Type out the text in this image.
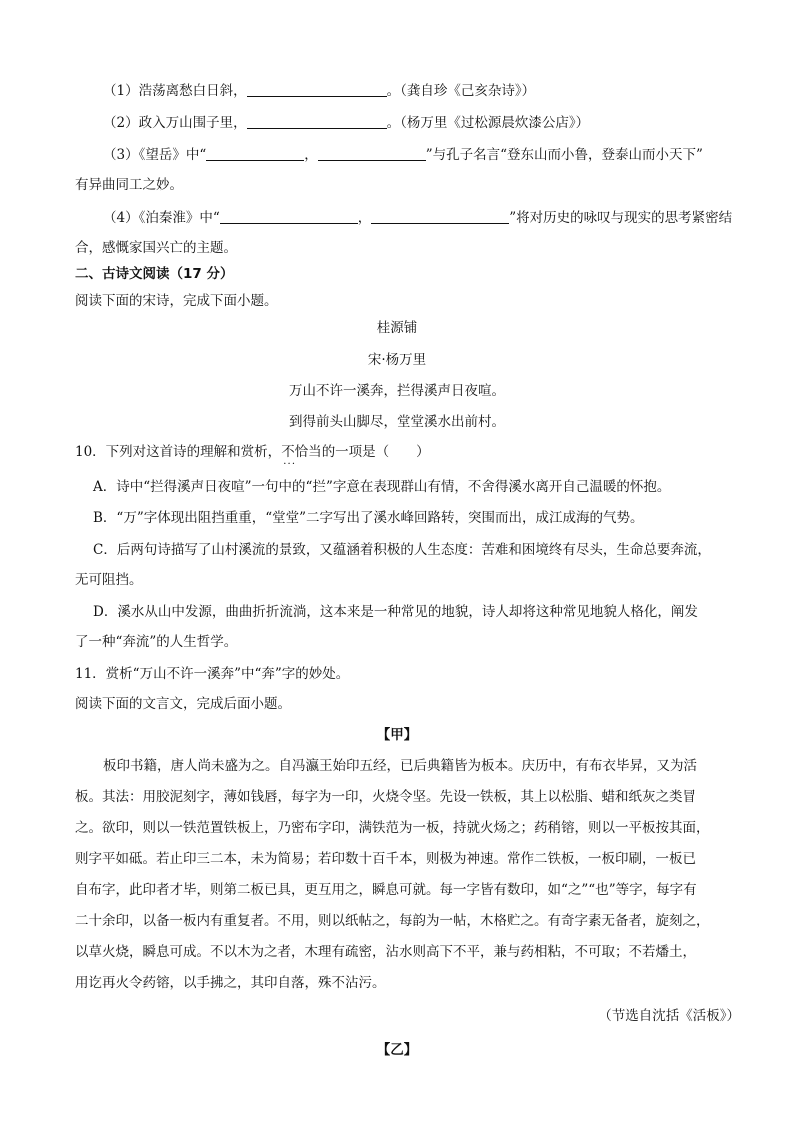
（1）浩荡离愁白日斜，	。（龚自珍《己亥杂诗》）
（2）政入万山围子里，	。（杨万里《过松源晨炊漆公店》）
（3）《望岳》中“	，	”与孔子名言“登东山而小鲁，登泰山而小天下”
有异曲同工之妙。
（4）《泊秦淮》中“	，	”将对历史的咏叹与现实的思考紧密结
合，感慨家国兴亡的主题。
二、古诗文阅读（17 分）
阅读下面的宋诗，完成下面小题。
桂源铺
宋·杨万里
万山不许一溪奔，拦得溪声日夜喧。
到得前头山脚尽，堂堂溪水出前村。
10．下列对这首诗的理解和赏析，不恰当 · · ·的一项是（　　）
A．诗中“拦得溪声日夜喧”一句中的“拦”字意在表现群山有情，不舍得溪水离开自己温暖的怀抱。
B．“万”字体现出阻挡重重，“堂堂”二字写出了溪水峰回路转，突围而出，成江成海的气势。
C．后两句诗描写了山村溪流的景致，又蕴涵着积极的人生态度：苦难和困境终有尽头，生命总要奔流，
无可阻挡。
D．溪水从山中发源，曲曲折折流淌，这本来是一种常见的地貌，诗人却将这种常见地貌人格化，阐发
了一种“奔流”的人生哲学。
11．赏析“万山不许一溪奔”中“奔”字的妙处。
阅读下面的文言文，完成后面小题。
【甲】
板印书籍，唐人尚未盛为之。自冯瀛王始印五经，已后典籍皆为板本。庆历中，有布衣毕昇，又为活
板。其法：用胶泥刻字，薄如钱唇，每字为一印，火烧令坚。先设一铁板，其上以松脂、蜡和纸灰之类冒
之。欲印，则以一铁范置铁板上，乃密布字印，满铁范为一板，持就火炀之；药稍镕，则以一平板按其面，
则字平如砥。若止印三二本，未为简易；若印数十百千本，则极为神速。常作二铁板，一板印刷，一板已
自布字，此印者才毕，则第二板已具，更互用之，瞬息可就。每一字皆有数印，如“之”“也”等字，每字有
二十余印，以备一板内有重复者。不用，则以纸帖之，每韵为一帖，木格贮之。有奇字素无备者，旋刻之，
以草火烧，瞬息可成。不以木为之者，木理有疏密，沾水则高下不平，兼与药相粘，不可取；不若燔土，
用讫再火令药镕，以手拂之，其印自落，殊不沾污。
（节选自沈括《活板》）
【乙】
